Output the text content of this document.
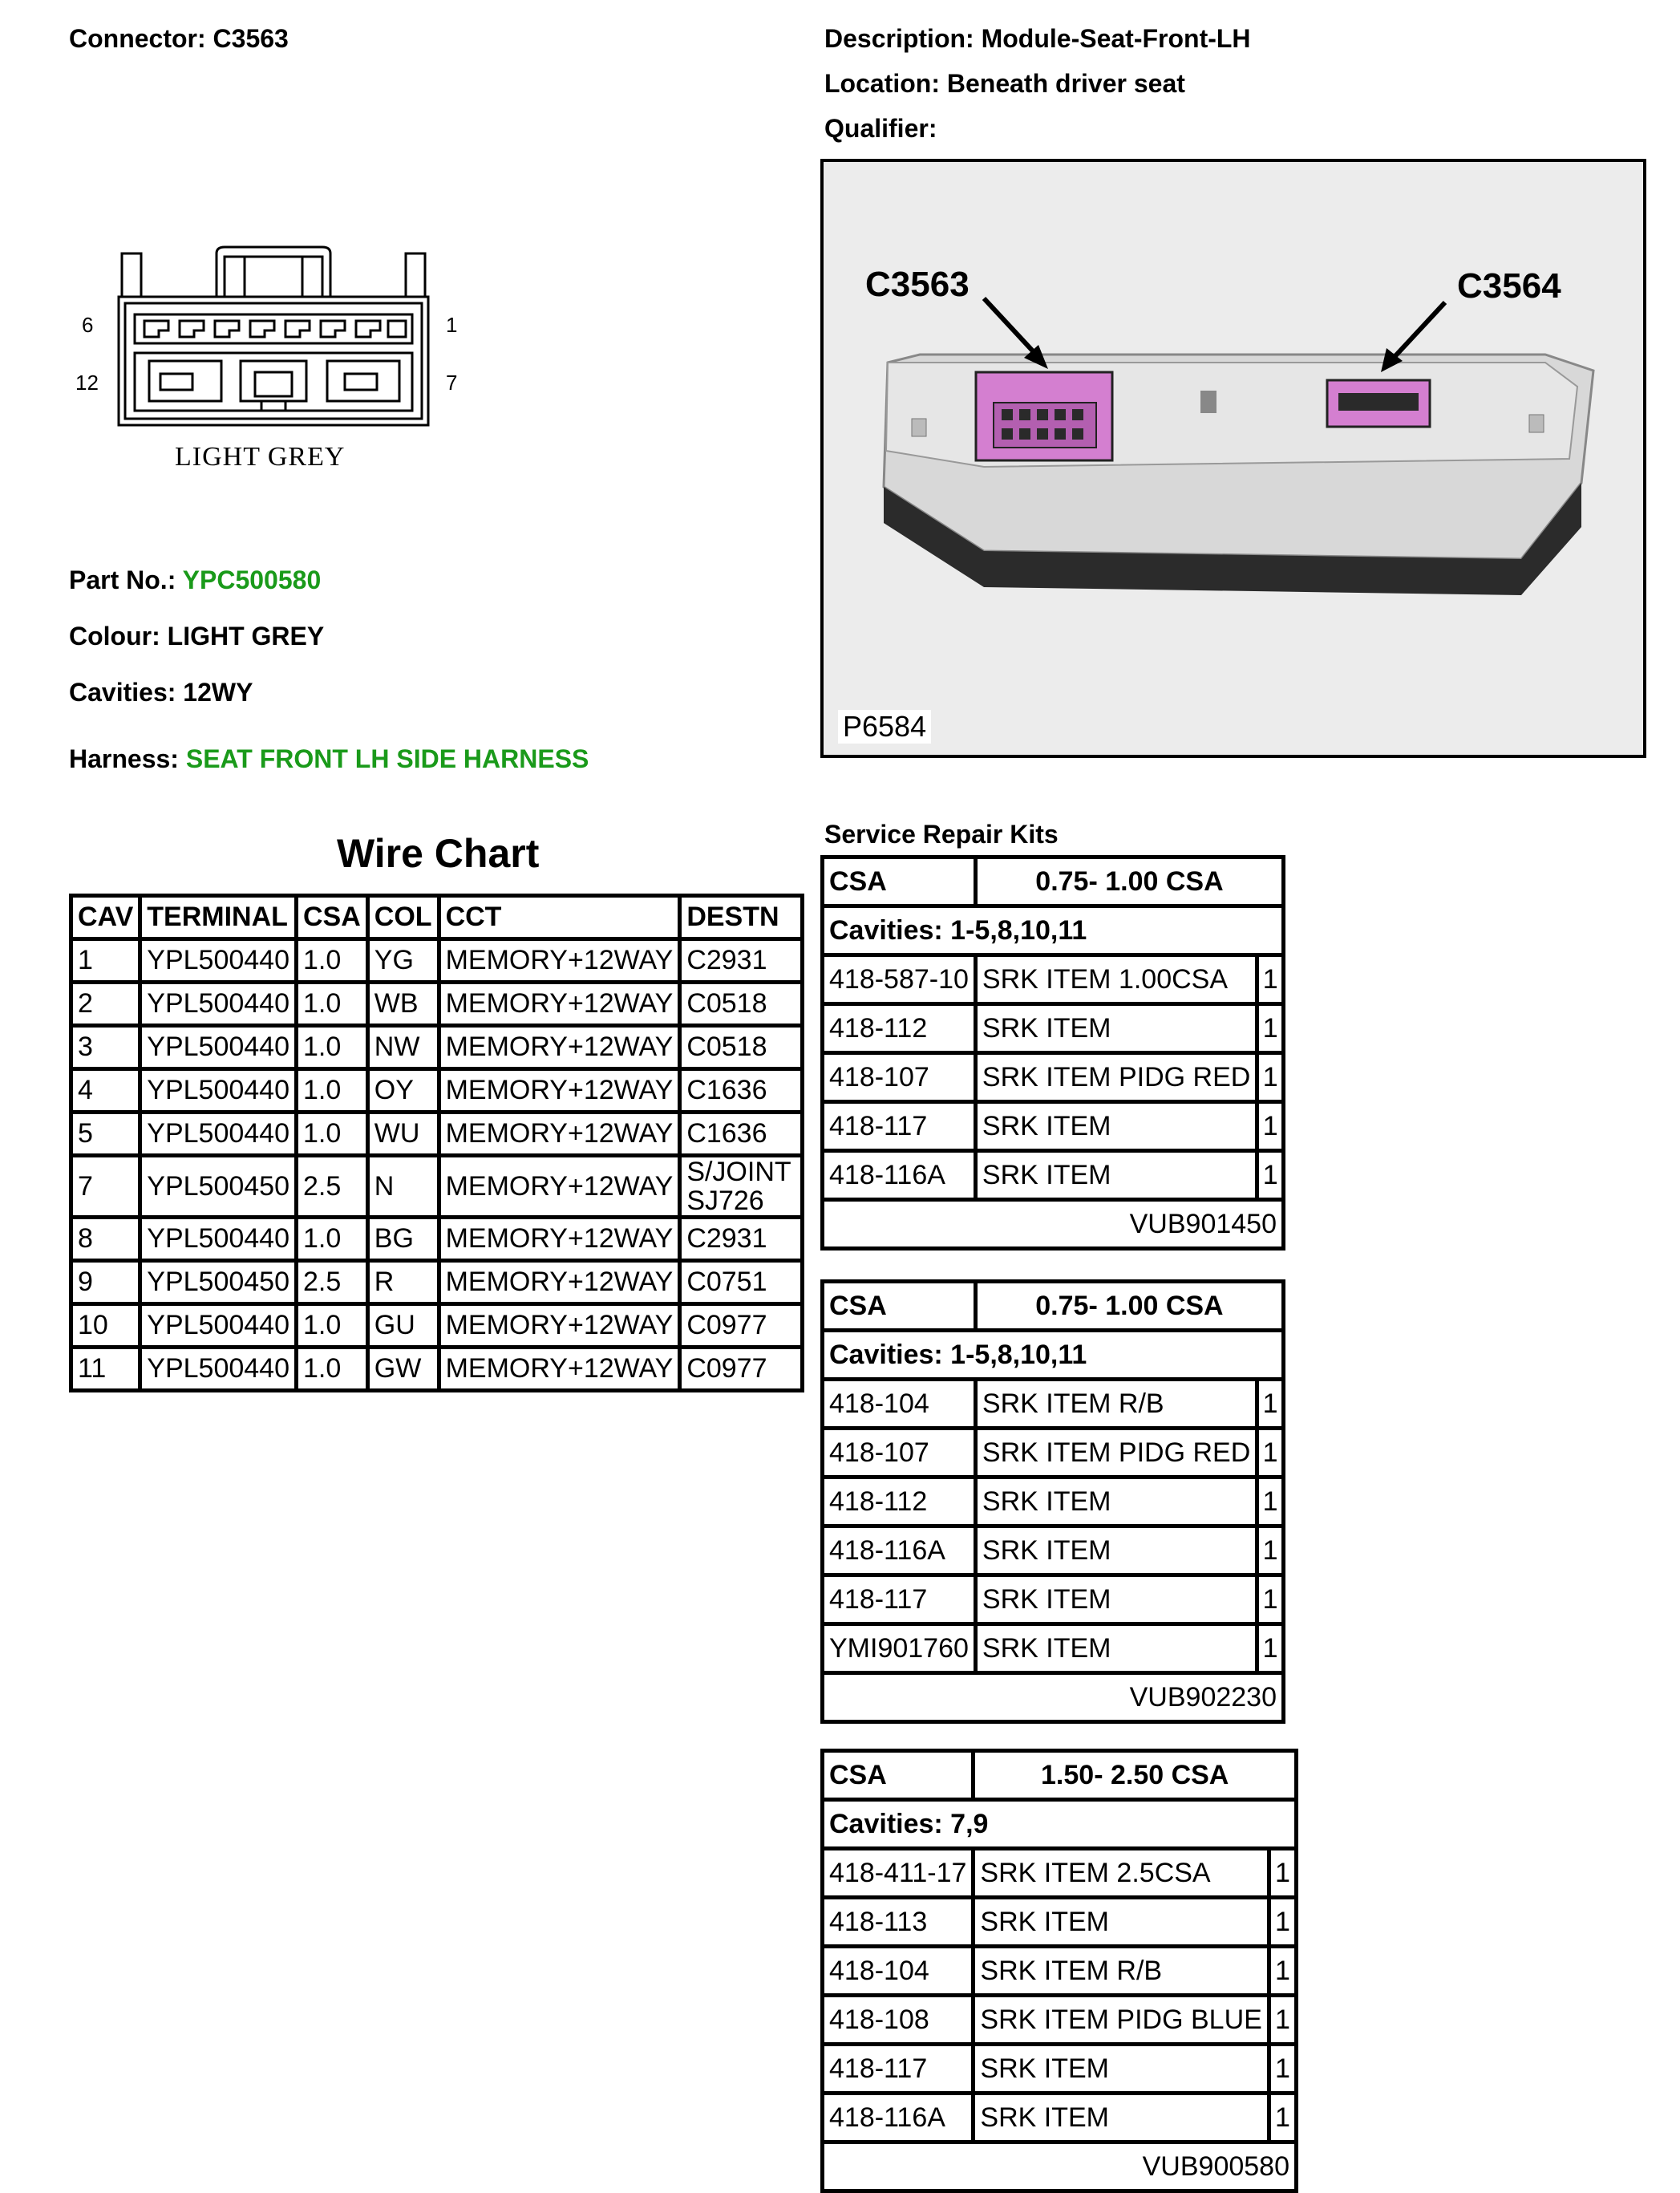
Connector: C3563	Description: Module-Seat-Front-LH
Location: Beneath driver seat
Qualifier:
6	1
12	7
LIGHT GREY
Part No.: YPC500580
Colour: LIGHT GREY
Cavities: 12WY
Harness: SEAT FRONT LH SIDE HARNESS
C3563	C3564
P6584
Wire Chart
CAV	TERMINAL	CSA	COL	CCT	DESTN
1	YPL500440	1.0	YG	MEMORY+12WAY	C2931
2	YPL500440	1.0	WB	MEMORY+12WAY	C0518
3	YPL500440	1.0	NW	MEMORY+12WAY	C0518
4	YPL500440	1.0	OY	MEMORY+12WAY	C1636
5	YPL500440	1.0	WU	MEMORY+12WAY	C1636
7	YPL500450	2.5	N	MEMORY+12WAY	S/JOINT SJ726
8	YPL500440	1.0	BG	MEMORY+12WAY	C2931
9	YPL500450	2.5	R	MEMORY+12WAY	C0751
10	YPL500440	1.0	GU	MEMORY+12WAY	C0977
11	YPL500440	1.0	GW	MEMORY+12WAY	C0977
Service Repair Kits
CSA	0.75- 1.00 CSA	
Cavities: 1-5,8,10,11		
418-587-10	SRK ITEM 1.00CSA	1
418-112	SRK ITEM	1
418-107	SRK ITEM PIDG RED	1
418-117	SRK ITEM	1
418-116A	SRK ITEM	1
VUB901450		
CSA	0.75- 1.00 CSA	
Cavities: 1-5,8,10,11		
418-104	SRK ITEM R/B	1
418-107	SRK ITEM PIDG RED	1
418-112	SRK ITEM	1
418-116A	SRK ITEM	1
418-117	SRK ITEM	1
YMI901760	SRK ITEM	1
VUB902230		
CSA	1.50- 2.50 CSA	
Cavities: 7,9		
418-411-17	SRK ITEM 2.5CSA	1
418-113	SRK ITEM	1
418-104	SRK ITEM R/B	1
418-108	SRK ITEM PIDG BLUE	1
418-117	SRK ITEM	1
418-116A	SRK ITEM	1
VUB900580		
